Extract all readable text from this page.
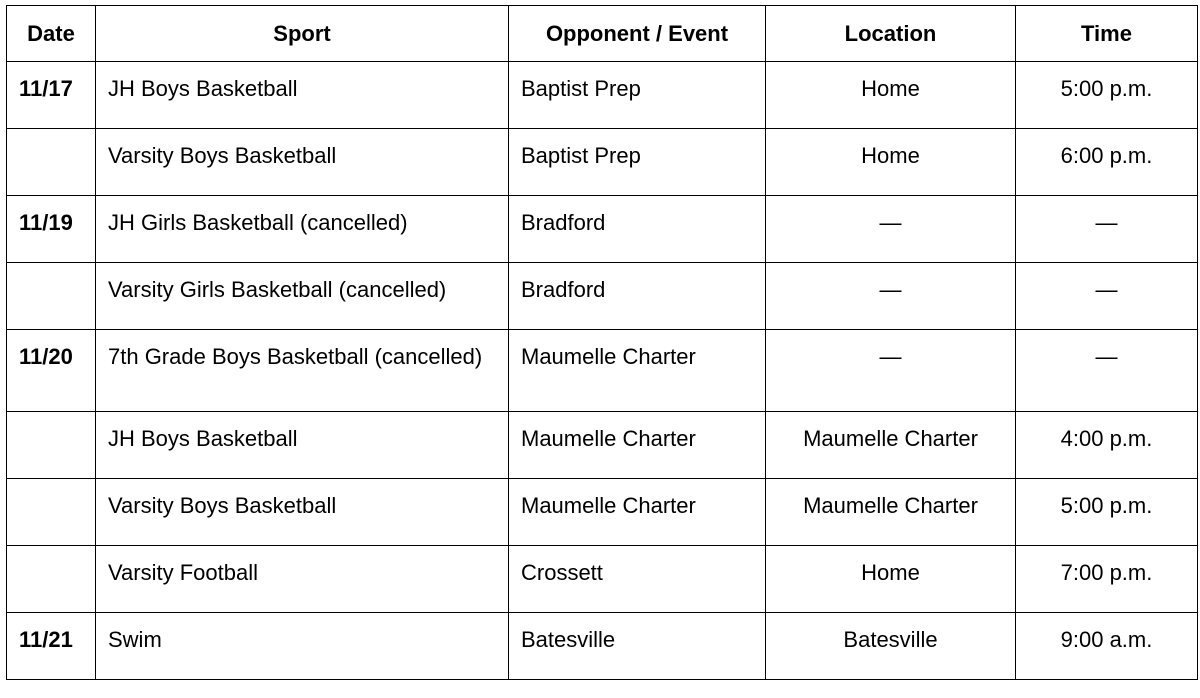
Date	Sport	Opponent / Event	Location	Time
11/17	JH Boys Basketball	Baptist Prep	Home	5:00 p.m.
	Varsity Boys Basketball	Baptist Prep	Home	6:00 p.m.
11/19	JH Girls Basketball (cancelled)	Bradford	—	—
	Varsity Girls Basketball (cancelled)	Bradford	—	—
11/20	7th Grade Boys Basketball (cancelled)	Maumelle Charter	—	—
	JH Boys Basketball	Maumelle Charter	Maumelle Charter	4:00 p.m.
	Varsity Boys Basketball	Maumelle Charter	Maumelle Charter	5:00 p.m.
	Varsity Football	Crossett	Home	7:00 p.m.
11/21	Swim	Batesville	Batesville	9:00 a.m.
